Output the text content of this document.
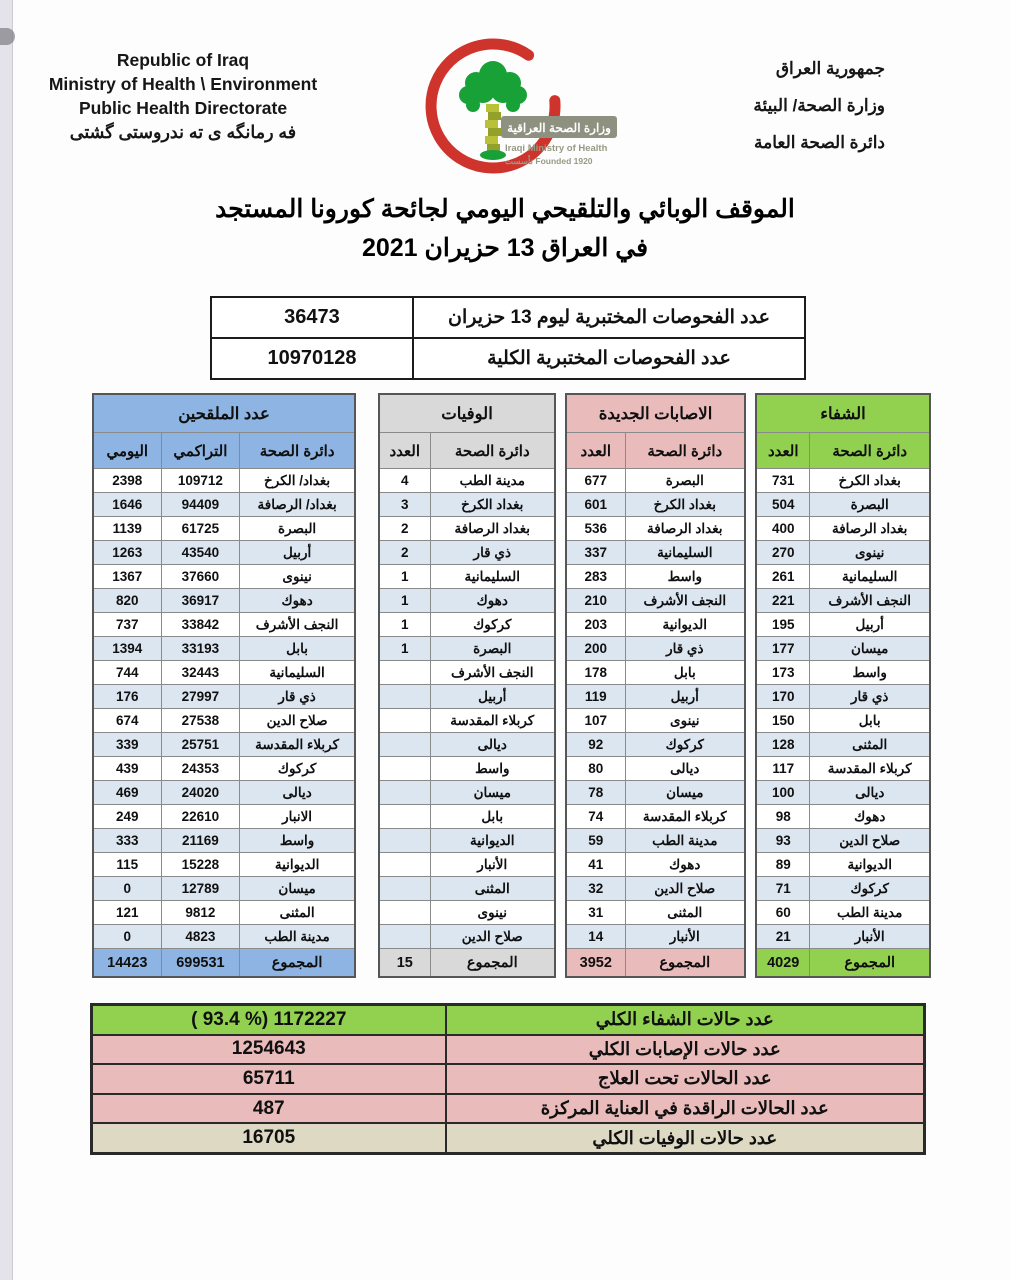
Republic of Iraq
Ministry of Health \ Environment
Public Health Directorate
فه رمانگه ی ته ندروستی گشتی	وزارة الصحة العراقية
Iraqi Ministry of Health
تأسست Founded 1920
جمهورية العراق
وزارة الصحة/ البيئة
دائرة الصحة العامة
الموقف الوبائي والتلقيحي اليومي لجائحة كورونا المستجد
في العراق 13 حزيران 2021
36473	عدد الفحوصات المختبرية ليوم 13 حزيران
10970128	عدد الفحوصات المختبرية الكلية
عدد الملقحين		
اليومي	التراكمي	دائرة الصحة
2398	109712	بغداد/ الكرخ
1646	94409	بغداد/ الرصافة
1139	61725	البصرة
1263	43540	أربيل
1367	37660	نينوى
820	36917	دهوك
737	33842	النجف الأشرف
1394	33193	بابل
744	32443	السليمانية
176	27997	ذي قار
674	27538	صلاح الدين
339	25751	كربلاء المقدسة
439	24353	كركوك
469	24020	ديالى
249	22610	الانبار
333	21169	واسط
115	15228	الديوانية
0	12789	ميسان
121	9812	المثنى
0	4823	مدينة الطب
14423	699531	المجموع
الوفيات	
العدد	دائرة الصحة
4	مدينة الطب
3	بغداد الكرخ
2	بغداد الرصافة
2	ذي قار
1	السليمانية
1	دهوك
1	كركوك
1	البصرة
	النجف الأشرف
	أربيل
	كربلاء المقدسة
	ديالى
	واسط
	ميسان
	بابل
	الديوانية
	الأنبار
	المثنى
	نينوى
	صلاح الدين
15	المجموع
الاصابات الجديدة	
العدد	دائرة الصحة
677	البصرة
601	بغداد الكرخ
536	بغداد الرصافة
337	السليمانية
283	واسط
210	النجف الأشرف
203	الديوانية
200	ذي قار
178	بابل
119	أربيل
107	نينوى
92	كركوك
80	ديالى
78	ميسان
74	كربلاء المقدسة
59	مدينة الطب
41	دهوك
32	صلاح الدين
31	المثنى
14	الأنبار
3952	المجموع
الشفاء	
العدد	دائرة الصحة
731	بغداد الكرخ
504	البصرة
400	بغداد الرصافة
270	نينوى
261	السليمانية
221	النجف الأشرف
195	أربيل
177	ميسان
173	واسط
170	ذي قار
150	بابل
128	المثنى
117	كربلاء المقدسة
100	ديالى
98	دهوك
93	صلاح الدين
89	الديوانية
71	كركوك
60	مدينة الطب
21	الأنبار
4029	المجموع
( 93.4 %) 1172227	عدد حالات الشفاء الكلي
1254643	عدد حالات الإصابات الكلي
65711	عدد الحالات تحت العلاج
487	عدد الحالات الراقدة في العناية المركزة
16705	عدد حالات الوفيات الكلي
